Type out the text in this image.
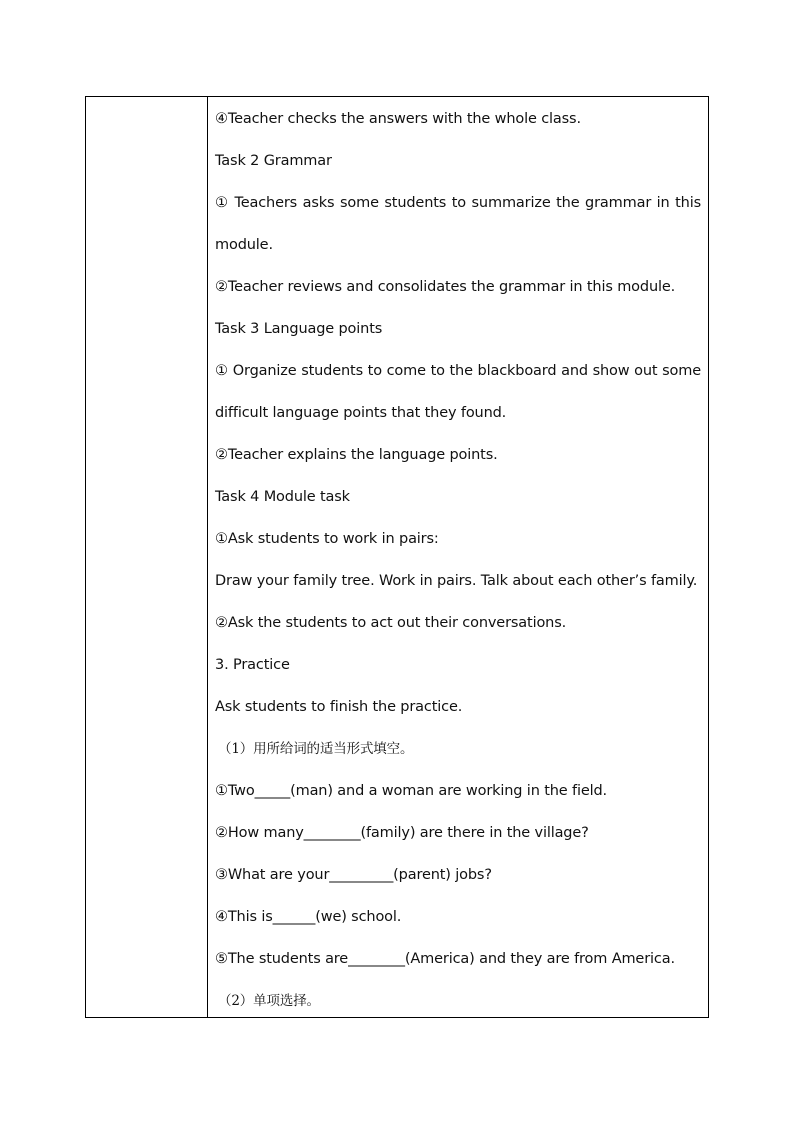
④Teacher checks the answers with the whole class.
Task 2 Grammar
① Teachers asks some students to summarize the grammar in this
module.
②Teacher reviews and consolidates the grammar in this module.
Task 3 Language points
① Organize students to come to the blackboard and show out some
difficult language points that they found.
②Teacher explains the language points.
Task 4 Module task
①Ask students to work in pairs:
Draw your family tree. Work in pairs. Talk about each other’s family.
②Ask the students to act out their conversations.
3. Practice
Ask students to finish the practice.
（1）用所给词的适当形式填空。
①Two_____(man) and a woman are working in the field.
②How many________(family) are there in the village?
③What are your_________(parent) jobs?
④This is______(we) school.
⑤The students are________(America) and they are from America.
（2）单项选择。
